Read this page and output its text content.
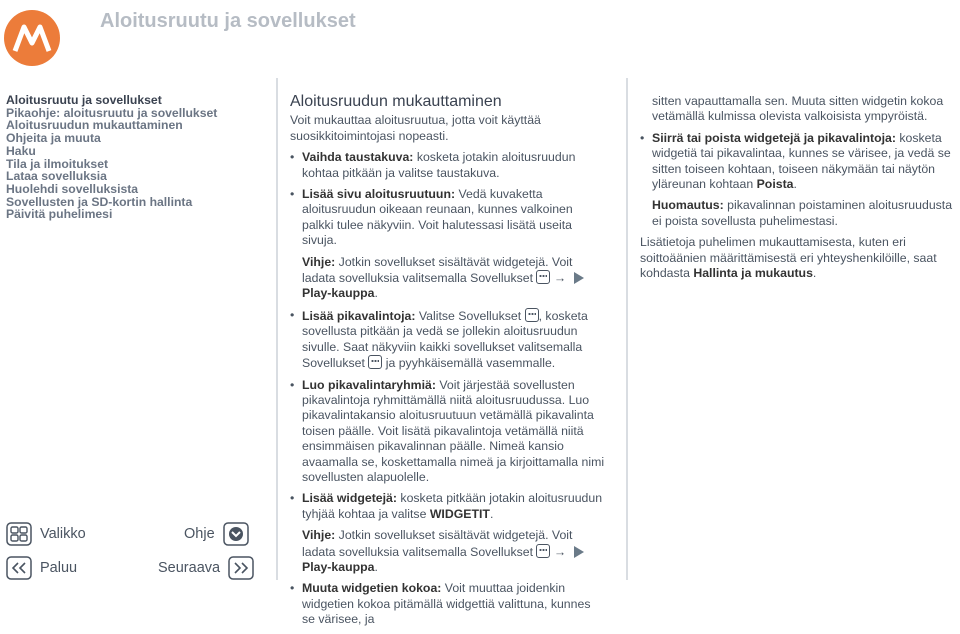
Aloitusruutu ja sovellukset
Aloitusruutu ja sovellukset
Pikaohje: aloitusruutu ja sovellukset
Aloitusruudun mukauttaminen
Ohjeita ja muuta
Haku
Tila ja ilmoitukset
Lataa sovelluksia
Huolehdi sovelluksista
Sovellusten ja SD-kortin hallinta
Päivitä puhelimesi
Valikko	Ohje
Paluu	Seuraava
Aloitusruudun mukauttaminen

Voit mukauttaa aloitusruutua, jotta voit käyttää suosikkitoimintojasi nopeasti.

• Vaihda taustakuva: kosketa jotakin aloitusruudun kohtaa pitkään ja valitse taustakuva.
• Lisää sivu aloitusruutuun: Vedä kuvaketta aloitusruudun oikeaan reunaan, kunnes valkoinen palkki tulee näkyviin. Voit halutessasi lisätä useita sivuja.

Vihje: Jotkin sovellukset sisältävät widgetejä. Voit ladata sovelluksia valitsemalla Sovellukset  →  Play-kauppa.

• Lisää pikavalintoja: Valitse Sovellukset , kosketa sovellusta pitkään ja vedä se jollekin aloitusruudun sivulle. Saat näkyviin kaikki sovellukset valitsemalla Sovellukset  ja pyyhkäisemällä vasemmalle.
• Luo pikavalintaryhmiä: Voit järjestää sovellusten pikavalintoja ryhmittämällä niitä aloitusruudussa. Luo pikavalintakansio aloitusruutuun vetämällä pikavalinta toisen päälle. Voit lisätä pikavalintoja vetämällä niitä ensimmäisen pikavalinnan päälle. Nimeä kansio avaamalla se, koskettamalla nimeä ja kirjoittamalla nimi sovellusten alapuolelle.
• Lisää widgetejä: kosketa pitkään jotakin aloitusruudun tyhjää kohtaa ja valitse WIDGETIT.

Vihje: Jotkin sovellukset sisältävät widgetejä. Voit ladata sovelluksia valitsemalla Sovellukset  →  Play-kauppa.

• Muuta widgetien kokoa: Voit muuttaa joidenkin widgetien kokoa pitämällä widgettiä valittuna, kunnes se värisee, ja

sitten vapauttamalla sen. Muuta sitten widgetin kokoa vetämällä kulmissa olevista valkoisista ympyröistä.

• Siirrä tai poista widgetejä ja pikavalintoja: kosketa widgetiä tai pikavalintaa, kunnes se värisee, ja vedä se sitten toiseen kohtaan, toiseen näkymään tai näytön yläreunan kohtaan Poista.

Huomautus: pikavalinnan poistaminen aloitusruudusta ei poista sovellusta puhelimestasi.

Lisätietoja puhelimen mukauttamisesta, kuten eri soittoäänien määrittämisestä eri yhteyshenkilöille, saat kohdasta Hallinta ja mukautus.
